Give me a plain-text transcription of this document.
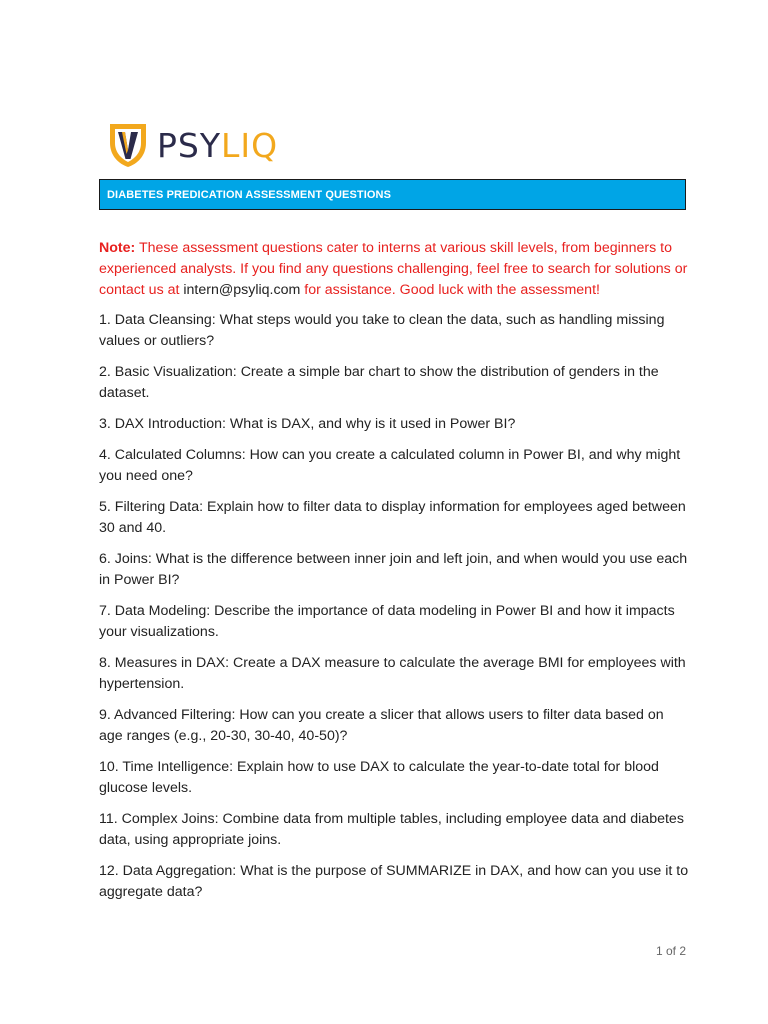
PSYLIQ
DIABETES PREDICATION ASSESSMENT QUESTIONS

Note: These assessment questions cater to interns at various skill levels, from beginners to experienced analysts. If you find any questions challenging, feel free to search for solutions or contact us at intern@psyliq.com for assistance. Good luck with the assessment!

1. Data Cleansing: What steps would you take to clean the data, such as handling missing values or outliers?

2. Basic Visualization: Create a simple bar chart to show the distribution of genders in the dataset.

3. DAX Introduction: What is DAX, and why is it used in Power BI?

4. Calculated Columns: How can you create a calculated column in Power BI, and why might you need one?

5. Filtering Data: Explain how to filter data to display information for employees aged between 30 and 40.

6. Joins: What is the difference between inner join and left join, and when would you use each in Power BI?

7. Data Modeling: Describe the importance of data modeling in Power BI and how it impacts your visualizations.

8. Measures in DAX: Create a DAX measure to calculate the average BMI for employees with hypertension.

9. Advanced Filtering: How can you create a slicer that allows users to filter data based on age ranges (e.g., 20-30, 30-40, 40-50)?

10. Time Intelligence: Explain how to use DAX to calculate the year-to-date total for blood glucose levels.

11. Complex Joins: Combine data from multiple tables, including employee data and diabetes data, using appropriate joins.

12. Data Aggregation: What is the purpose of SUMMARIZE in DAX, and how can you use it to aggregate data?

1 of 2
